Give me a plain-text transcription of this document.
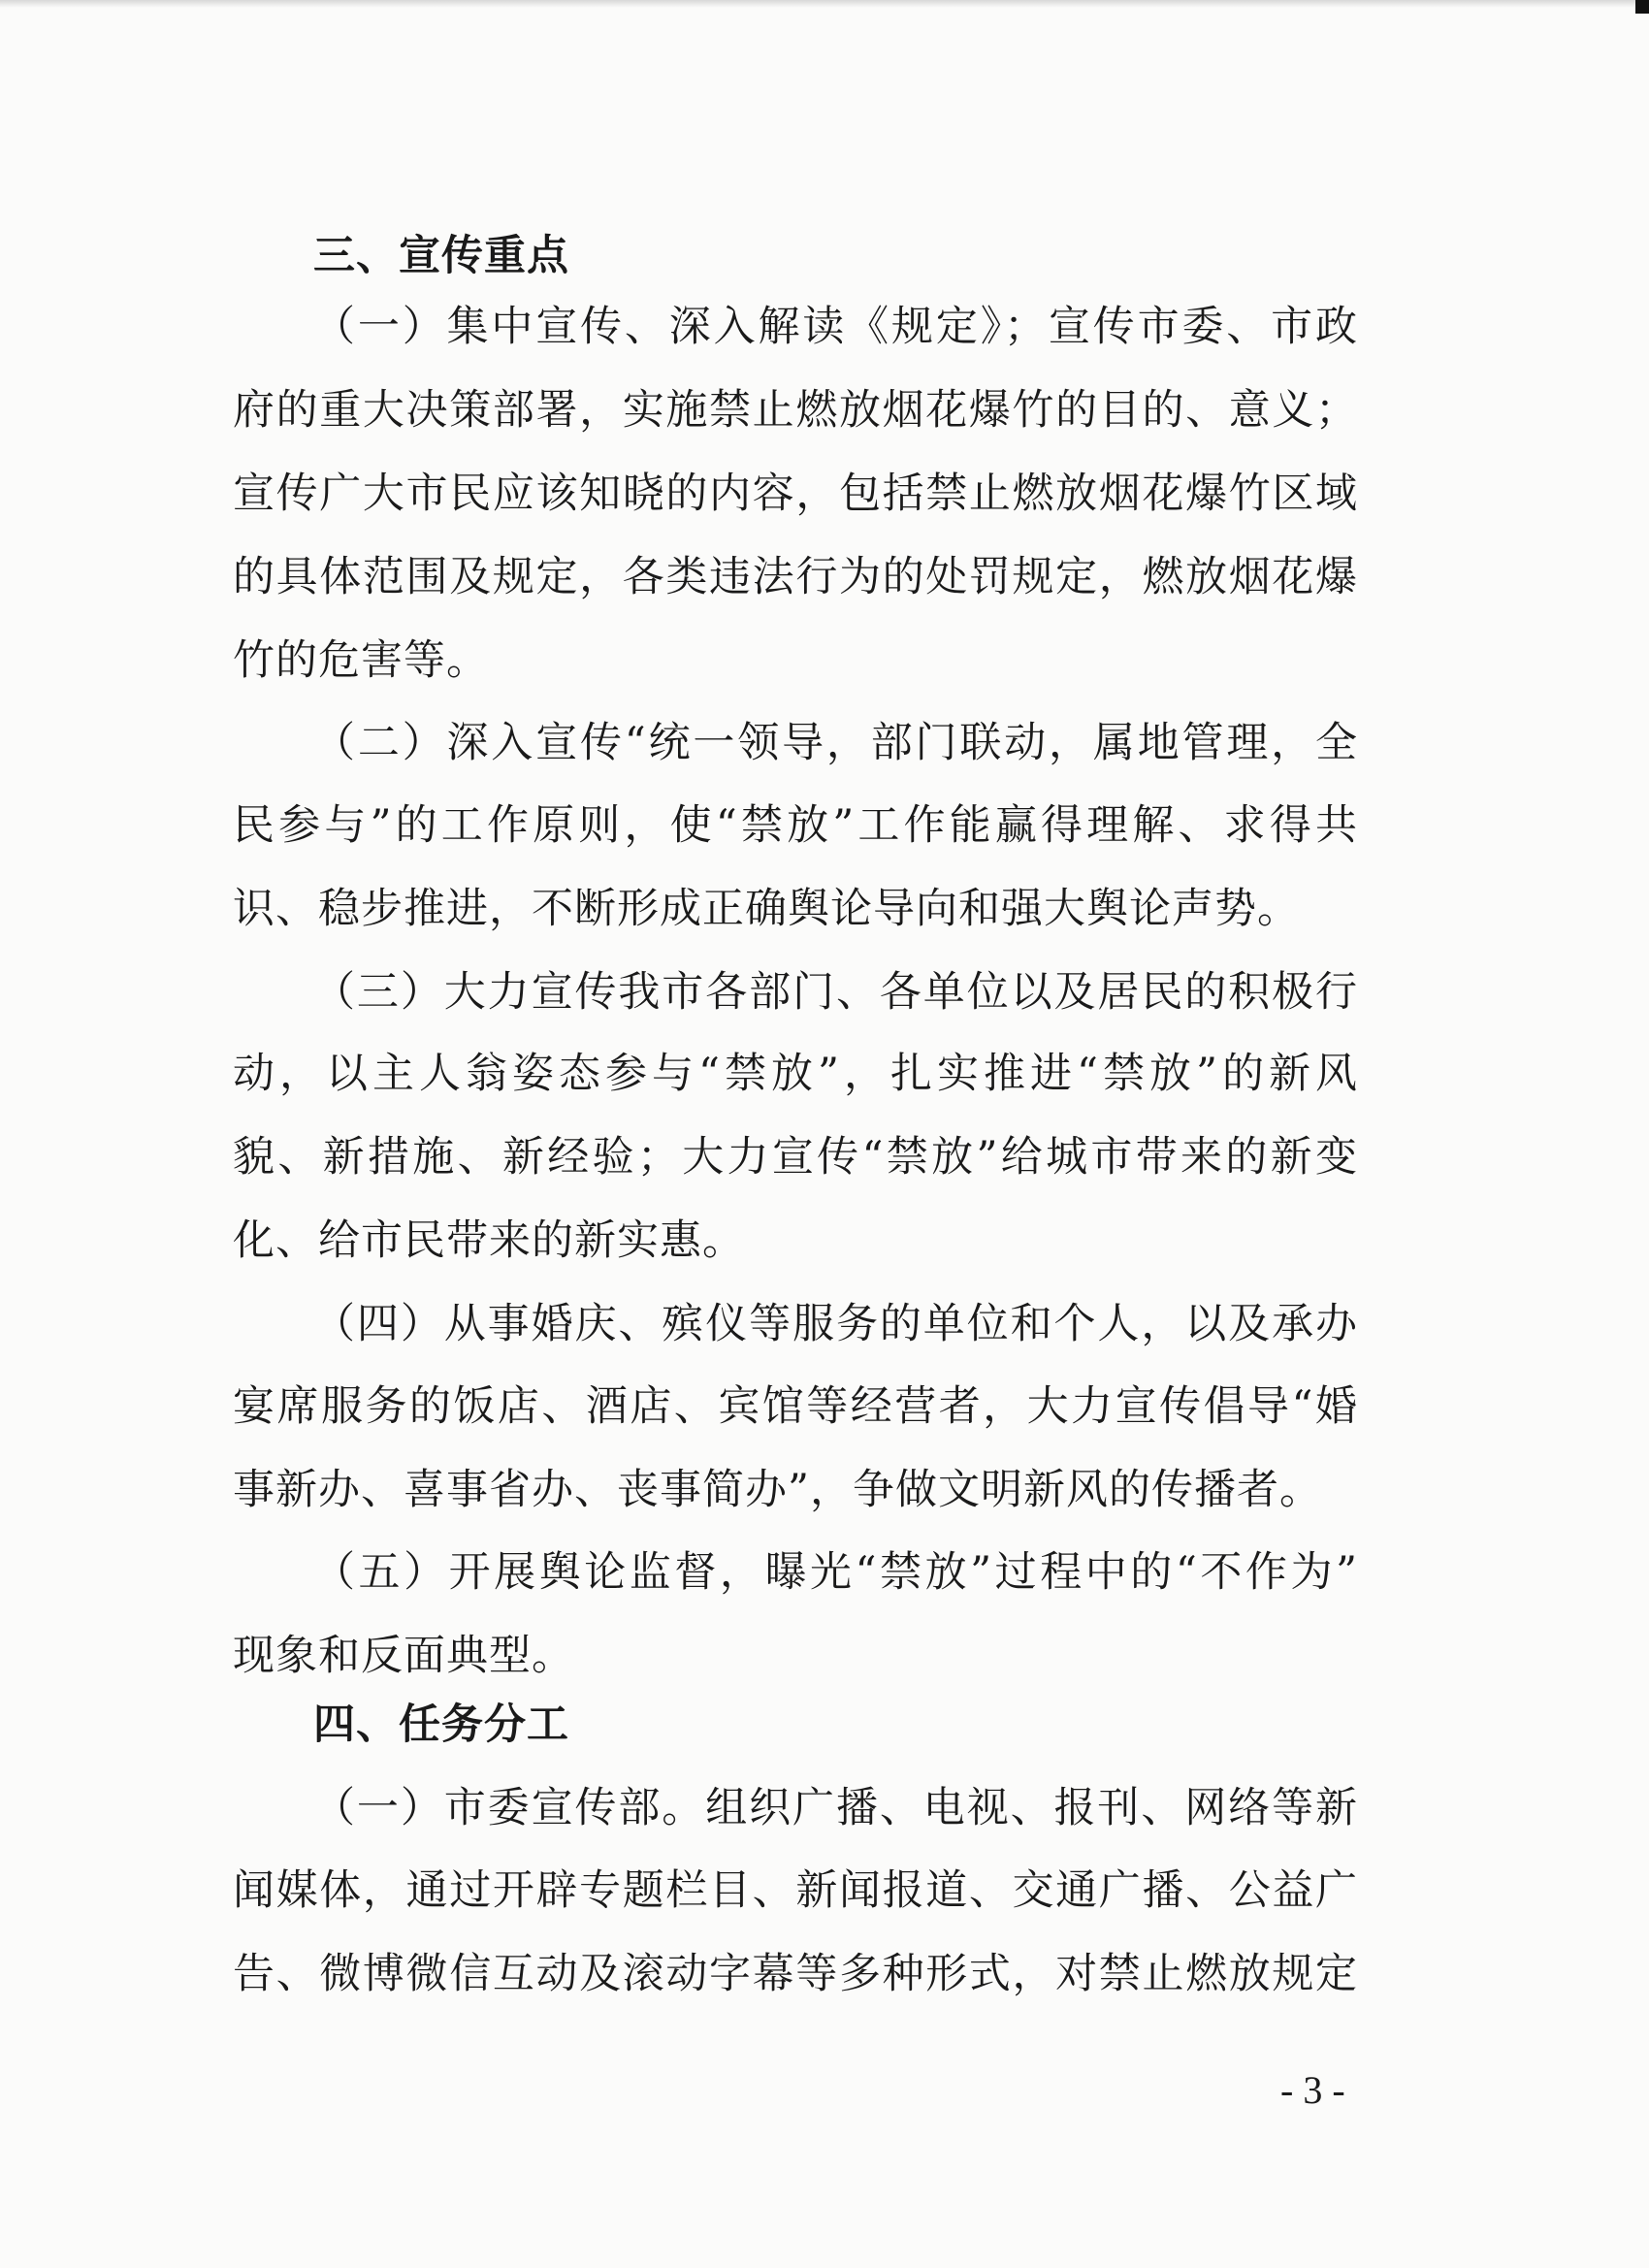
三、宣传重点
（一）集中宣传、深入解读《规定》；宣传市委、市政
府的重大决策部署，实施禁止燃放烟花爆竹的目的、意义；
宣传广大市民应该知晓的内容，包括禁止燃放烟花爆竹区域
的具体范围及规定，各类违法行为的处罚规定，燃放烟花爆
竹的危害等。
（二）深入宣传“统一领导，部门联动，属地管理，全
民参与”的工作原则，使“禁放”工作能赢得理解、求得共
识、稳步推进，不断形成正确舆论导向和强大舆论声势。
（三）大力宣传我市各部门、各单位以及居民的积极行
动，以主人翁姿态参与“禁放”，扎实推进“禁放”的新风
貌、新措施、新经验；大力宣传“禁放”给城市带来的新变
化、给市民带来的新实惠。
（四）从事婚庆、殡仪等服务的单位和个人，以及承办
宴席服务的饭店、酒店、宾馆等经营者，大力宣传倡导“婚
事新办、喜事省办、丧事简办”，争做文明新风的传播者。
（五）开展舆论监督，曝光“禁放”过程中的“不作为”
现象和反面典型。
四、任务分工
（一）市委宣传部。组织广播、电视、报刊、网络等新
闻媒体，通过开辟专题栏目、新闻报道、交通广播、公益广
告、微博微信互动及滚动字幕等多种形式，对禁止燃放规定
- 3 -
